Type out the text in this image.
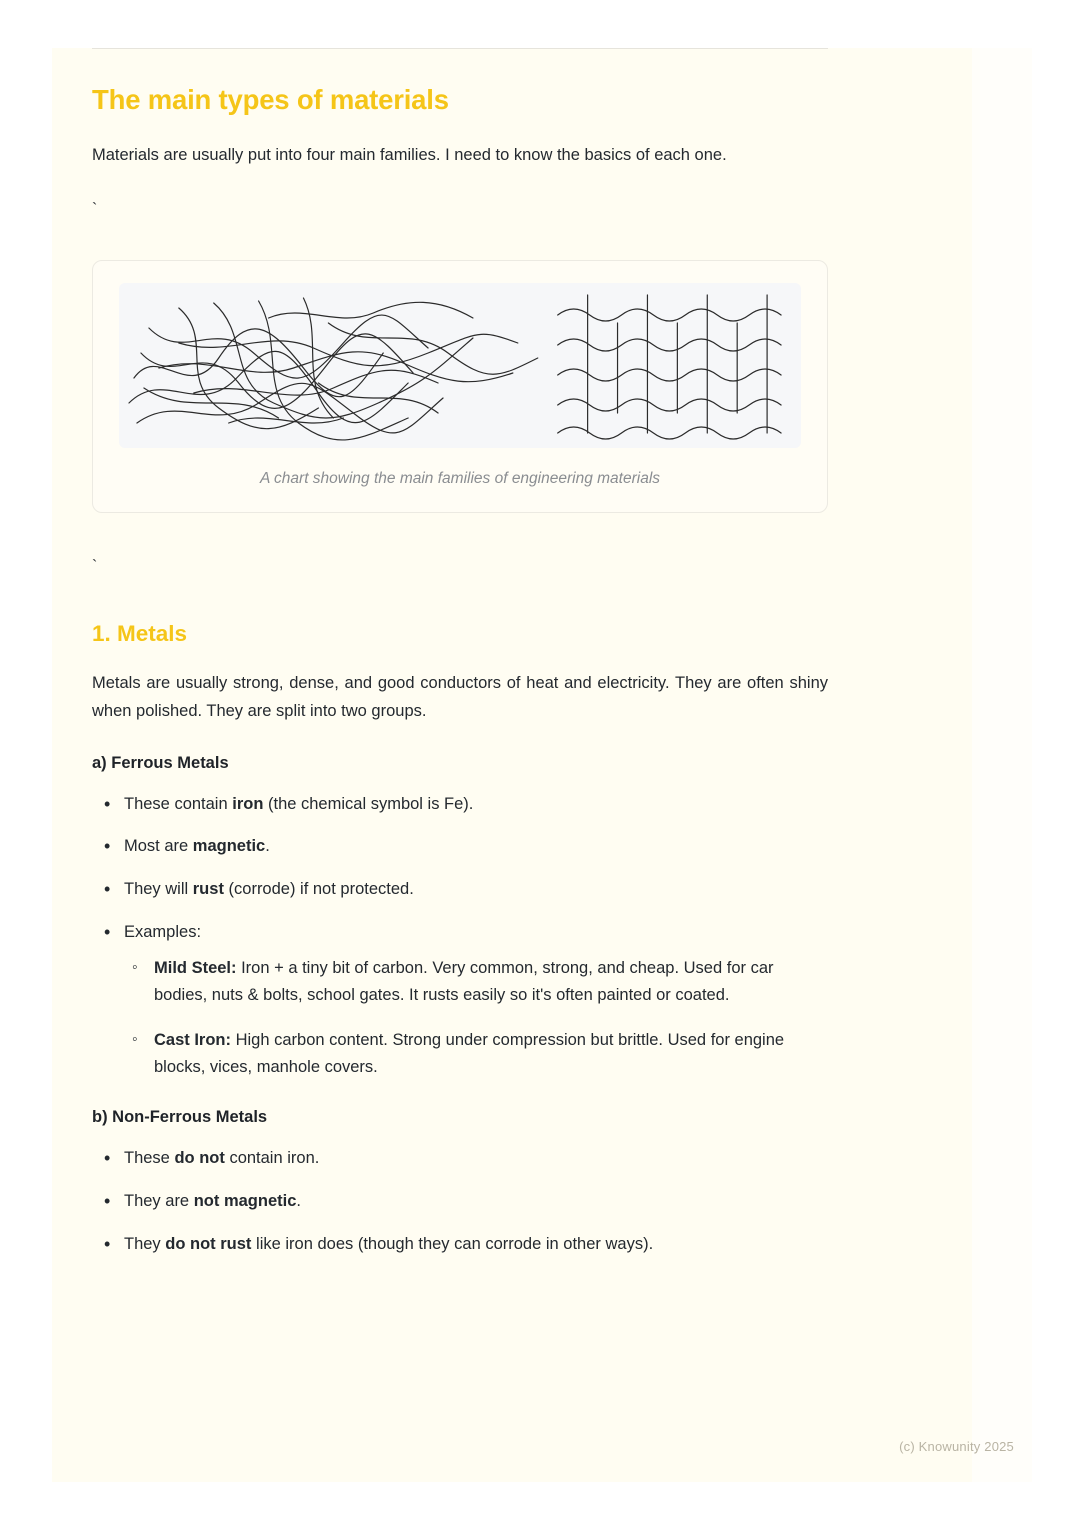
The main types of materials

Materials are usually put into four main families. I need to know the basics of each one.

`
A chart showing the main families of engineering materials
`
1. Metals

Metals are usually strong, dense, and good conductors of heat and electricity. They are often shiny when polished. They are split into two groups.

a) Ferrous Metals
• These contain iron (the chemical symbol is Fe).
• Most are magnetic.
• They will rust (corrode) if not protected.
• Examples:
◦ Mild Steel: Iron + a tiny bit of carbon. Very common, strong, and cheap. Used for car bodies, nuts & bolts, school gates. It rusts easily so it's often painted or coated.
◦ Cast Iron: High carbon content. Strong under compression but brittle. Used for engine blocks, vices, manhole covers.
b) Non-Ferrous Metals
• These do not contain iron.
• They are not magnetic.
• They do not rust like iron does (though they can corrode in other ways).
(c) Knowunity 2025
